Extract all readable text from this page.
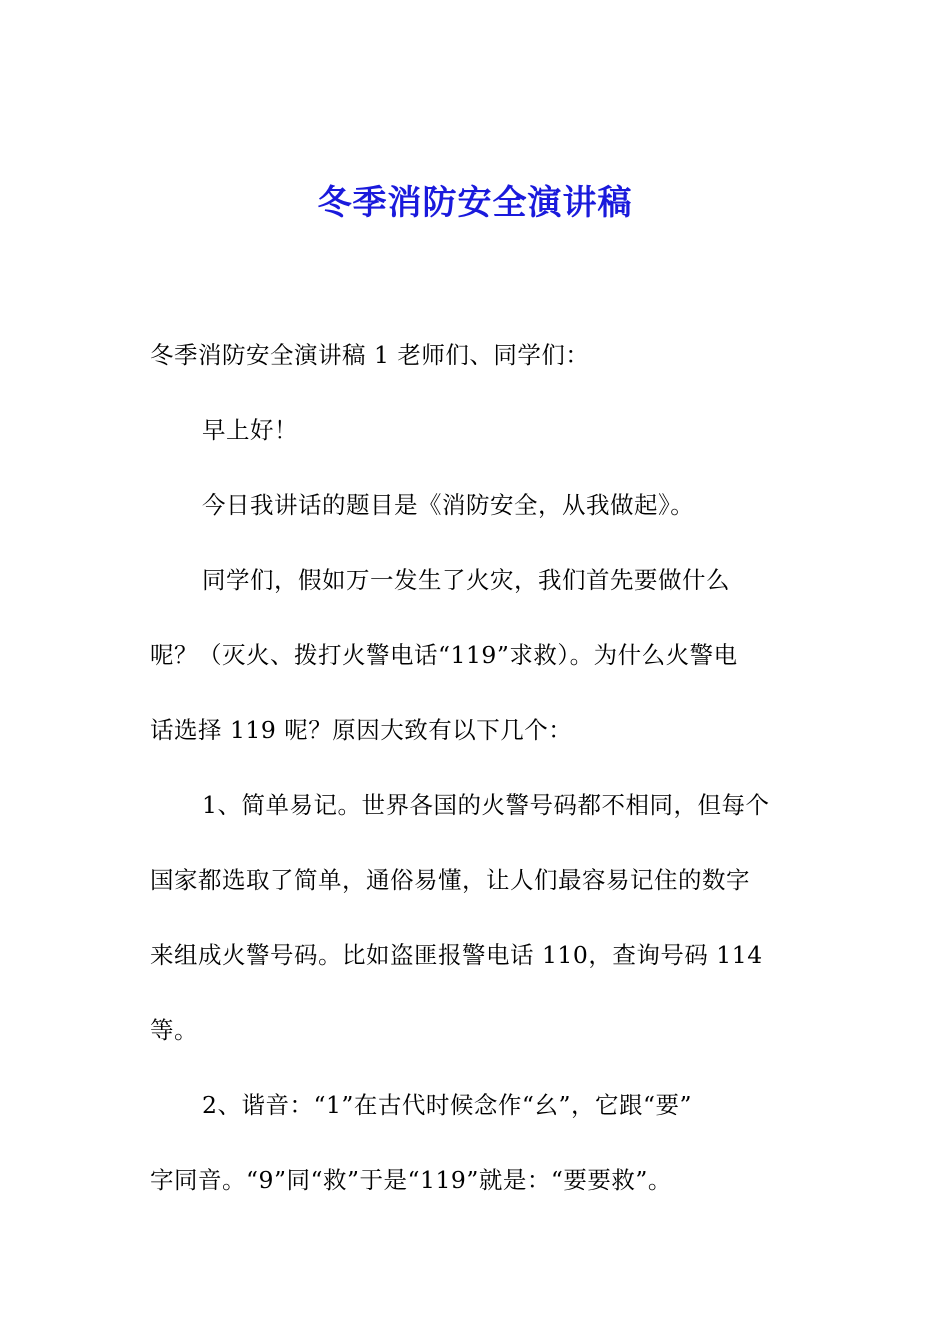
冬季消防安全演讲稿
冬季消防安全演讲稿 1 老师们、同学们：
早上好！
今日我讲话的题目是《消防安全，从我做起》。
同学们，假如万一发生了火灾，我们首先要做什么
呢？（灭火、拨打火警电话“119”求救）。为什么火警电
话选择 119 呢？原因大致有以下几个：
1、简单易记。世界各国的火警号码都不相同，但每个
国家都选取了简单，通俗易懂，让人们最容易记住的数字
来组成火警号码。比如盗匪报警电话 110，查询号码 114
等。
2、谐音：“1”在古代时候念作“幺”，它跟“要”
字同音。“9”同“救”于是“119”就是：“要要救”。
